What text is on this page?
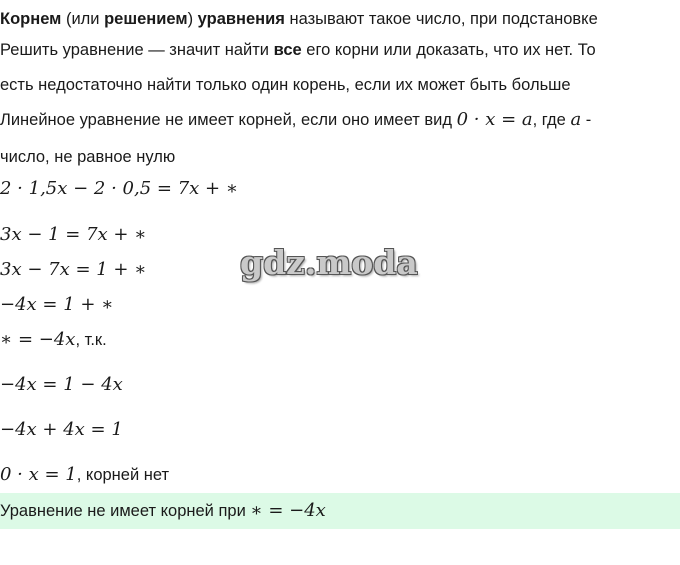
Корнем (или решением) уравнения называют такое число, при подстановке
Решить уравнение — значит найти все его корни или доказать, что их нет. То
есть недостаточно найти только один корень, если их может быть больше
Линейное уравнение не имеет корней, если оно имеет вид 0 · x = a, где a -
число, не равное нулю
2 · 1,5x − 2 · 0,5 = 7x + ∗
3x − 1 = 7x + ∗
3x − 7x = 1 + ∗
−4x = 1 + ∗
∗ = −4x, т.к.
−4x = 1 − 4x
−4x + 4x = 1
0 · x = 1, корней нет
Уравнение не имеет корней при ∗ = −4x
gdz.moda
